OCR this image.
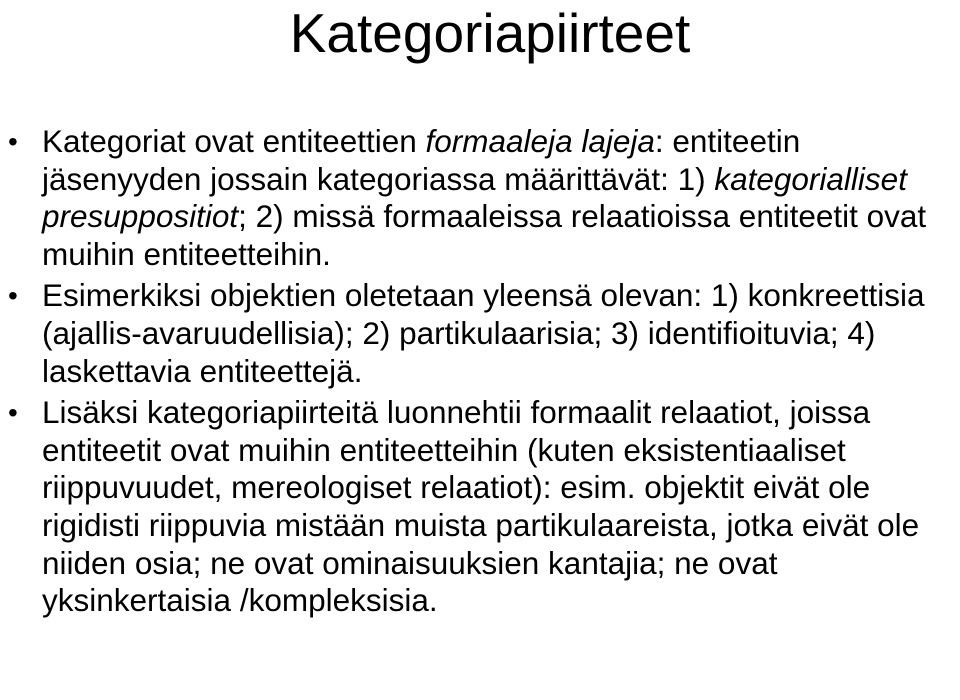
Kategoriapiirteet
• Kategoriat ovat entiteettien formaaleja lajeja: entiteetin jäsenyyden jossain kategoriassa määrittävät: 1) kategorialliset presuppositiot; 2) missä formaaleissa relaatioissa entiteetit ovat muihin entiteetteihin.
• Esimerkiksi objektien oletetaan yleensä olevan: 1) konkreettisia (ajallis-avaruudellisia); 2) partikulaarisia; 3) identifioituvia; 4) laskettavia entiteettejä.
• Lisäksi kategoriapiirteitä luonnehtii formaalit relaatiot, joissa entiteetit ovat muihin entiteetteihin (kuten eksistentiaaliset riippuvuudet, mereologiset relaatiot): esim. objektit eivät ole rigidisti riippuvia mistään muista partikulaareista, jotka eivät ole niiden osia; ne ovat ominaisuuksien kantajia; ne ovat yksinkertaisia /kompleksisia.
